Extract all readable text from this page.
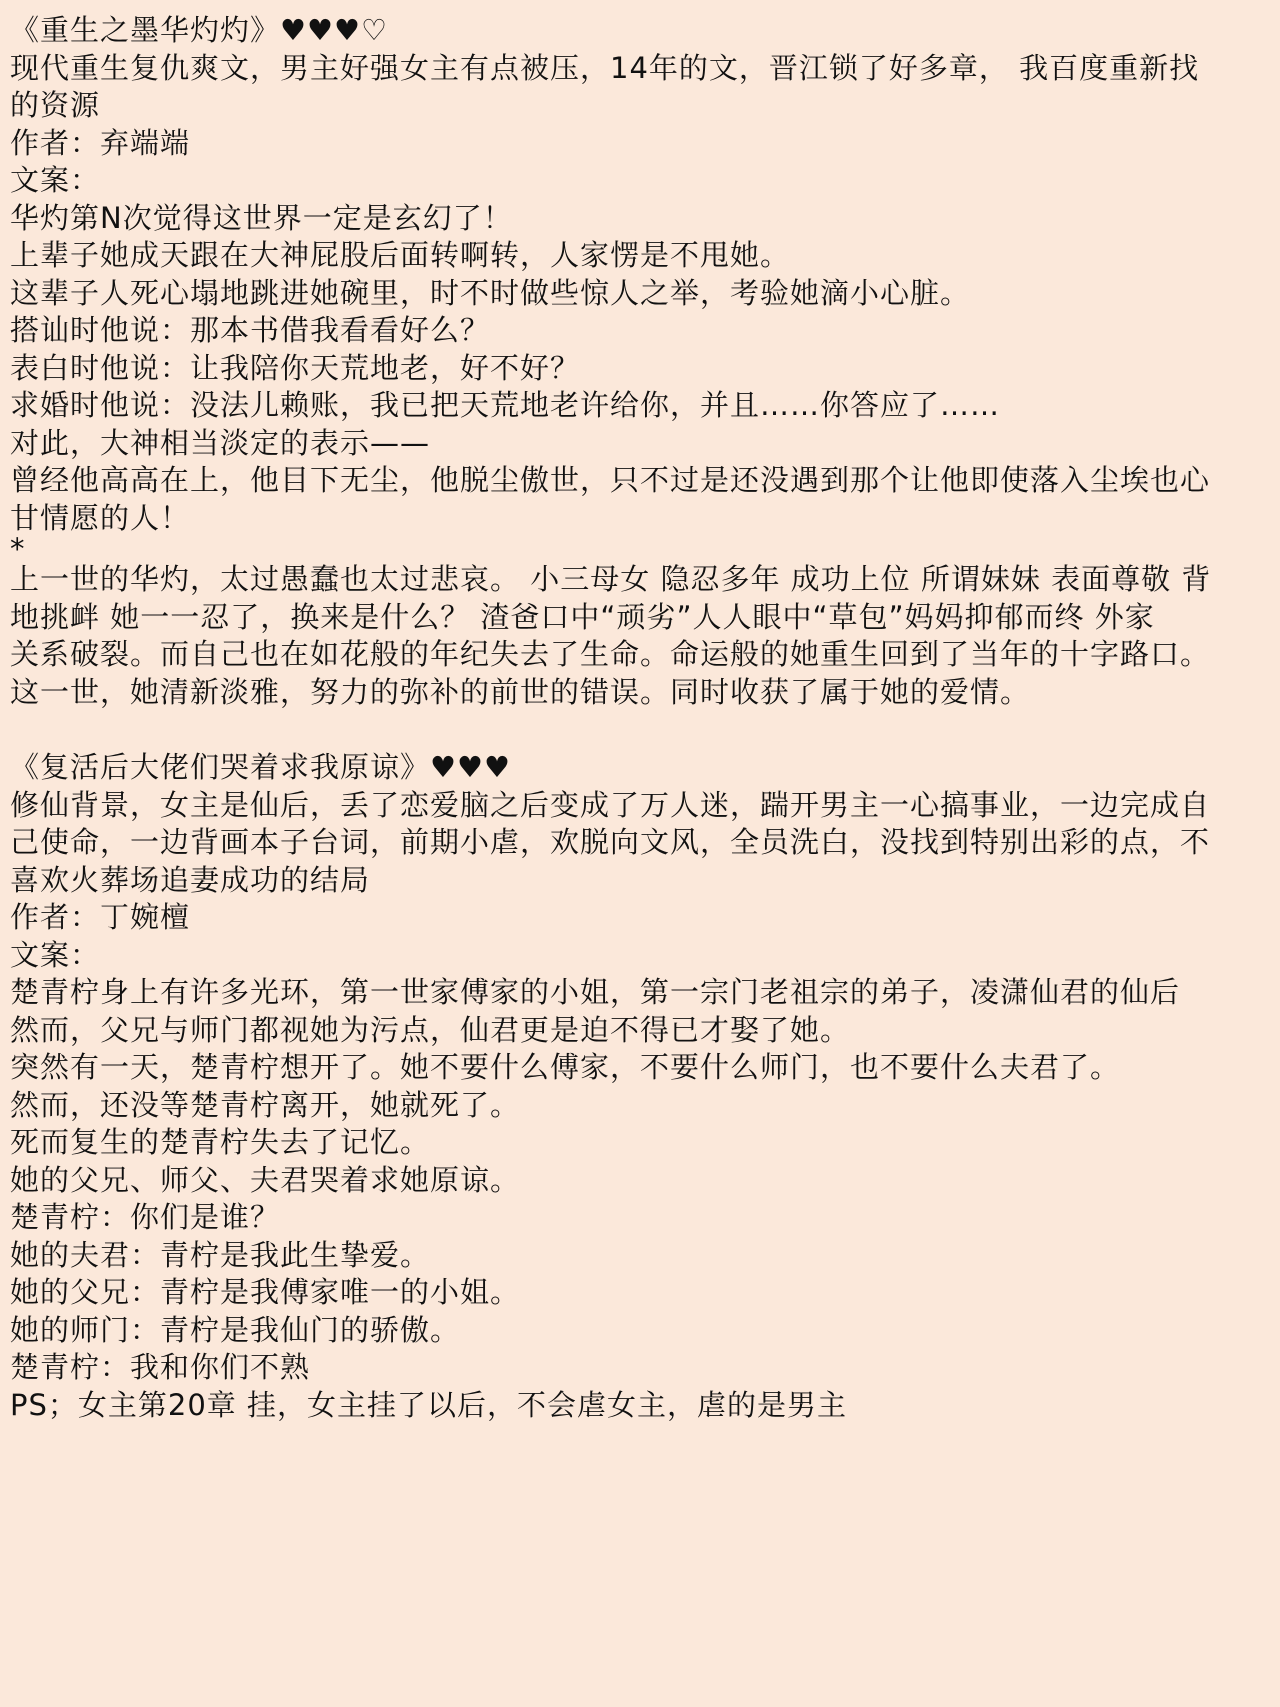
《重生之墨华灼灼》♥♥♥♡
现代重生复仇爽文，男主好强女主有点被压，14年的文，晋江锁了好多章， 我百度重新找
的资源
作者：弃端端
文案：
华灼第N次觉得这世界一定是玄幻了！
上辈子她成天跟在大神屁股后面转啊转，人家愣是不甩她。
这辈子人死心塌地跳进她碗里，时不时做些惊人之举，考验她滴小心脏。
搭讪时他说：那本书借我看看好么？
表白时他说：让我陪你天荒地老，好不好？
求婚时他说：没法儿赖账，我已把天荒地老许给你，并且……你答应了……
对此，大神相当淡定的表示——
曾经他高高在上，他目下无尘，他脱尘傲世，只不过是还没遇到那个让他即使落入尘埃也心
甘情愿的人！
*
上一世的华灼，太过愚蠢也太过悲哀。 小三母女 隐忍多年 成功上位 所谓妹妹 表面尊敬 背
地挑衅 她一一忍了，换来是什么？ 渣爸口中“顽劣”人人眼中“草包”妈妈抑郁而终 外家
关系破裂。而自己也在如花般的年纪失去了生命。命运般的她重生回到了当年的十字路口。
这一世，她清新淡雅，努力的弥补的前世的错误。同时收获了属于她的爱情。
《复活后大佬们哭着求我原谅》♥♥♥
修仙背景，女主是仙后，丢了恋爱脑之后变成了万人迷，踹开男主一心搞事业，一边完成自
己使命，一边背画本子台词，前期小虐，欢脱向文风，全员洗白，没找到特别出彩的点，不
喜欢火葬场追妻成功的结局
作者：丁婉檀
文案：
楚青柠身上有许多光环，第一世家傅家的小姐，第一宗门老祖宗的弟子，凌潇仙君的仙后
然而，父兄与师门都视她为污点，仙君更是迫不得已才娶了她。
突然有一天，楚青柠想开了。她不要什么傅家，不要什么师门，也不要什么夫君了。
然而，还没等楚青柠离开，她就死了。
死而复生的楚青柠失去了记忆。
她的父兄、师父、夫君哭着求她原谅。
楚青柠：你们是谁？
她的夫君：青柠是我此生挚爱。
她的父兄：青柠是我傅家唯一的小姐。
她的师门：青柠是我仙门的骄傲。
楚青柠：我和你们不熟
PS；女主第20章 挂，女主挂了以后，不会虐女主，虐的是男主
